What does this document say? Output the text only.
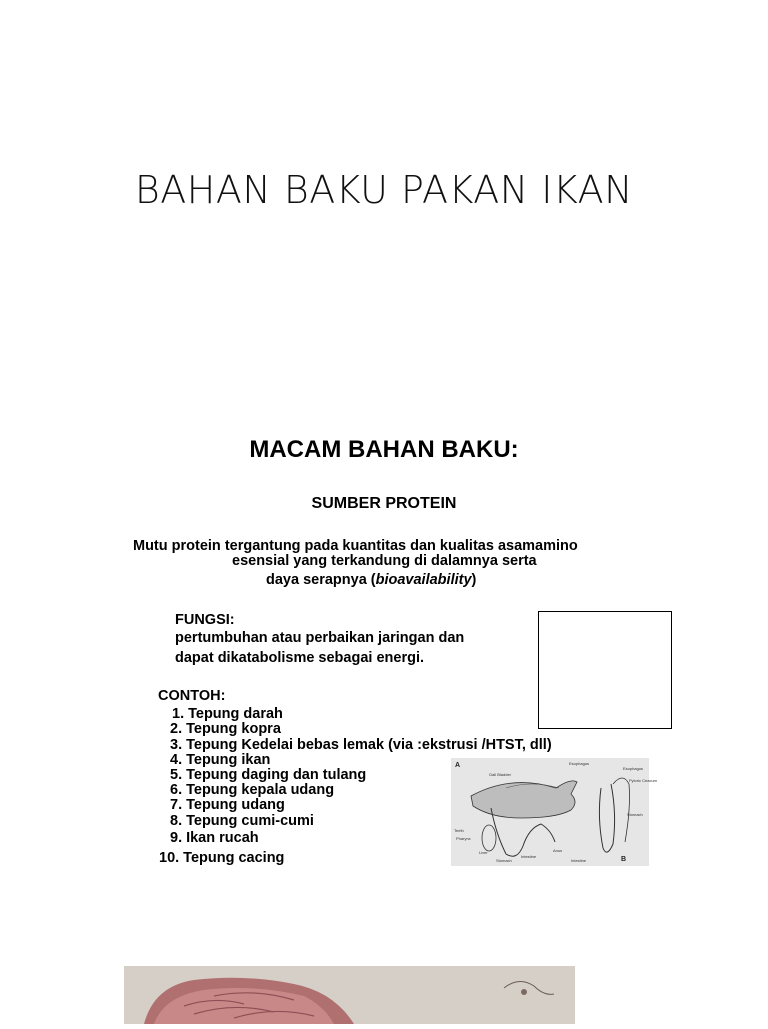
BAHAN BAKU PAKAN IKAN
MACAM BAHAN BAKU:
SUMBER PROTEIN
Mutu protein tergantung pada kuantitas dan kualitas asamamino
esensial yang terkandung di dalamnya serta
daya serapnya (bioavailability)
FUNGSI:
pertumbuhan atau perbaikan jaringan dan
dapat dikatabolisme sebagai energi.
CONTOH:
1. Tepung darah
2. Tepung kopra
3. Tepung Kedelai bebas lemak (via :ekstrusi /HTST, dll)
4. Tepung ikan
5. Tepung daging dan tulang
6. Tepung kepala udang
7. Tepung udang
8. Tepung cumi-cumi
9. Ikan rucah
10. Tepung cacing
A
B
Gall Bladder
Esophagus
Teeth
Pharynx
Liver
Stomach
Intestine
Anus
Esophagus
Pyloric Ceacum
Stomach
Intestine
